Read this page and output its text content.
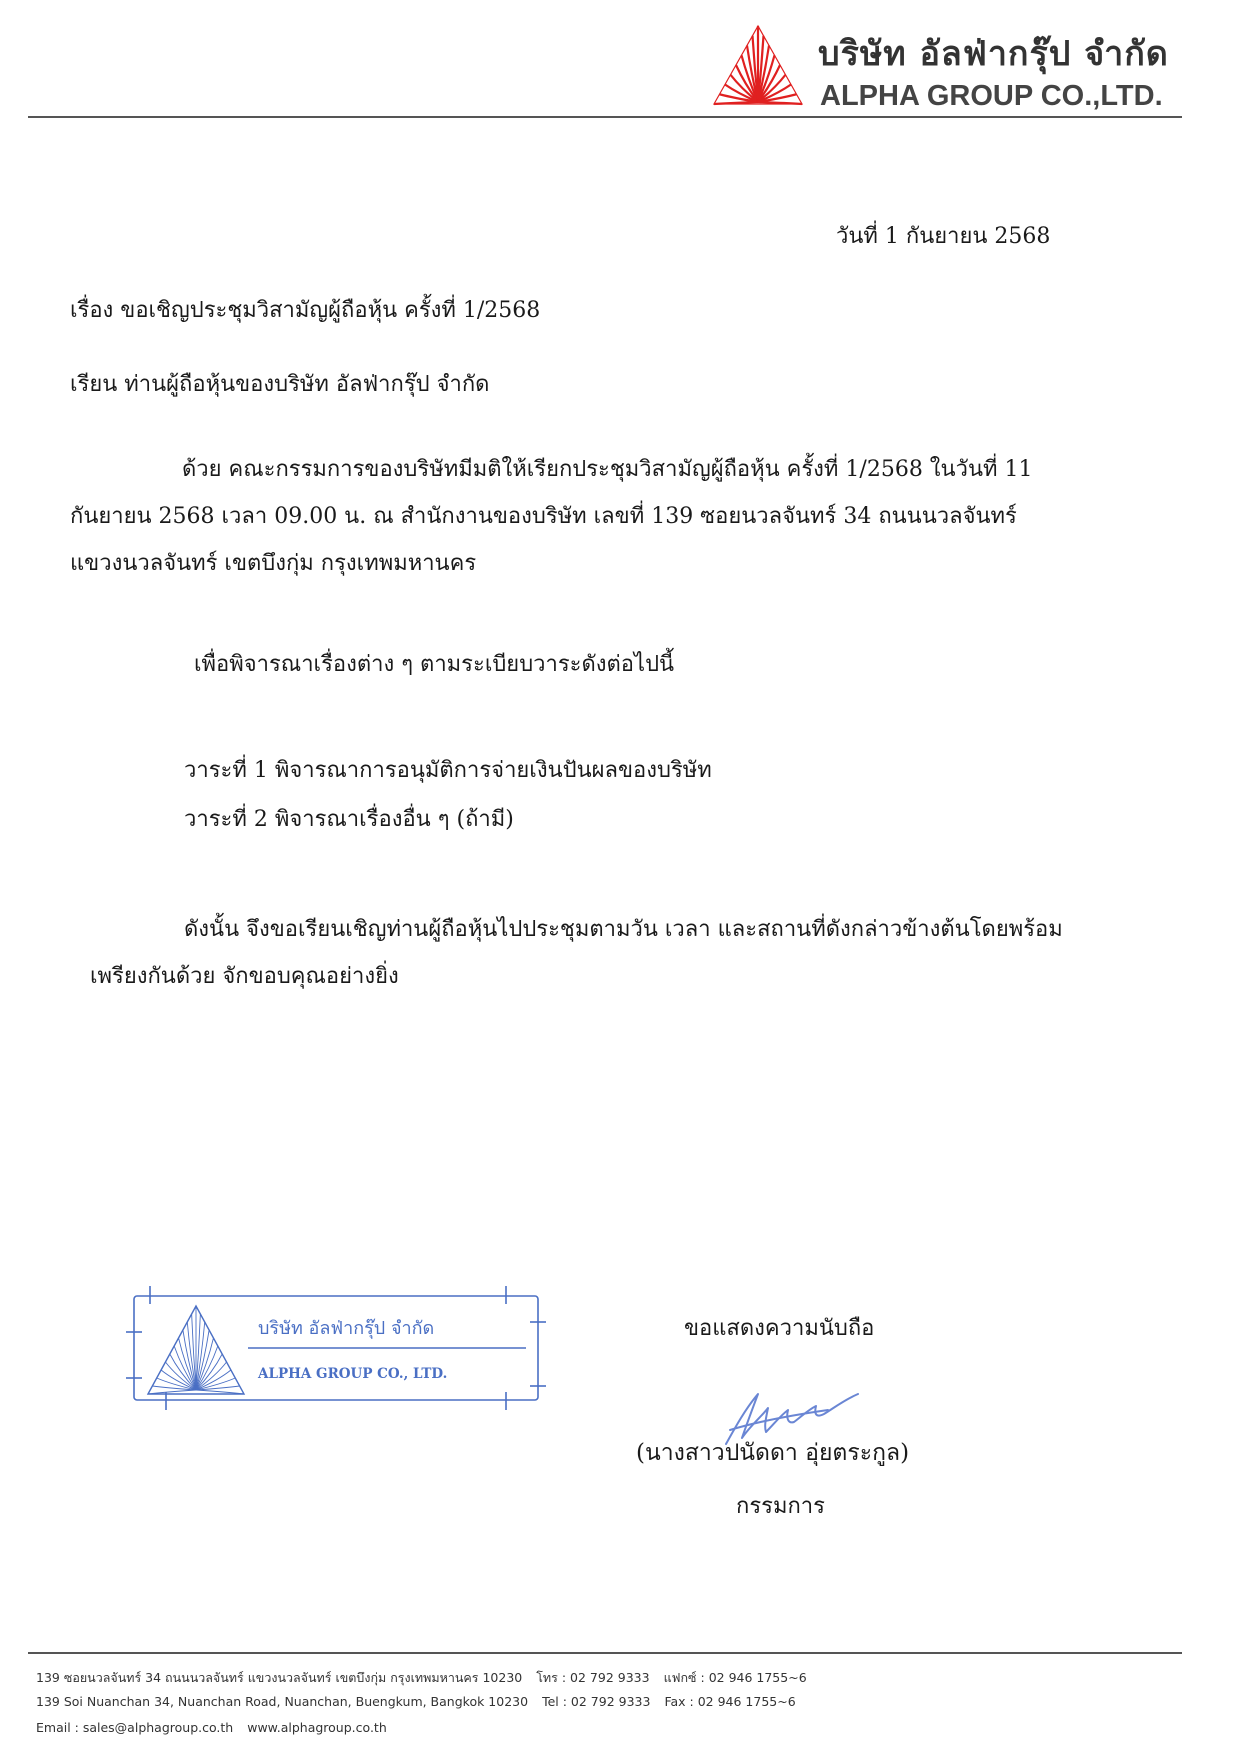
บริษัท อัลฟ่ากรุ๊ป จำกัด
ALPHA GROUP CO.,LTD.
วันที่ 1 กันยายน 2568
เรื่อง ขอเชิญประชุมวิสามัญผู้ถือหุ้น ครั้งที่ 1/2568
เรียน ท่านผู้ถือหุ้นของบริษัท อัลฟ่ากรุ๊ป จำกัด
ด้วย คณะกรรมการของบริษัทมีมติให้เรียกประชุมวิสามัญผู้ถือหุ้น ครั้งที่ 1/2568 ในวันที่ 11
กันยายน 2568 เวลา 09.00 น. ณ สำนักงานของบริษัท เลขที่ 139 ซอยนวลจันทร์ 34 ถนนนวลจันทร์
แขวงนวลจันทร์ เขตบึงกุ่ม กรุงเทพมหานคร
เพื่อพิจารณาเรื่องต่าง ๆ ตามระเบียบวาระดังต่อไปนี้
วาระที่ 1 พิจารณาการอนุมัติการจ่ายเงินปันผลของบริษัท
วาระที่ 2 พิจารณาเรื่องอื่น ๆ (ถ้ามี)
ดังนั้น จึงขอเรียนเชิญท่านผู้ถือหุ้นไปประชุมตามวัน เวลา และสถานที่ดังกล่าวข้างต้นโดยพร้อม
เพรียงกันด้วย จักขอบคุณอย่างยิ่ง
บริษัท อัลฟ่ากรุ๊ป จำกัด
ALPHA GROUP CO., LTD.
ขอแสดงความนับถือ
(นางสาวปนัดดา อุ่ยตระกูล)
กรรมการ
139 ซอยนวลจันทร์ 34 ถนนนวลจันทร์ แขวงนวลจันทร์ เขตบึงกุ่ม กรุงเทพมหานคร 10230 โทร : 02 792 9333 แฟกซ์ : 02 946 1755~6
139 Soi Nuanchan 34, Nuanchan Road, Nuanchan, Buengkum, Bangkok 10230 Tel : 02 792 9333 Fax : 02 946 1755~6
Email : sales@alphagroup.co.th www.alphagroup.co.th
